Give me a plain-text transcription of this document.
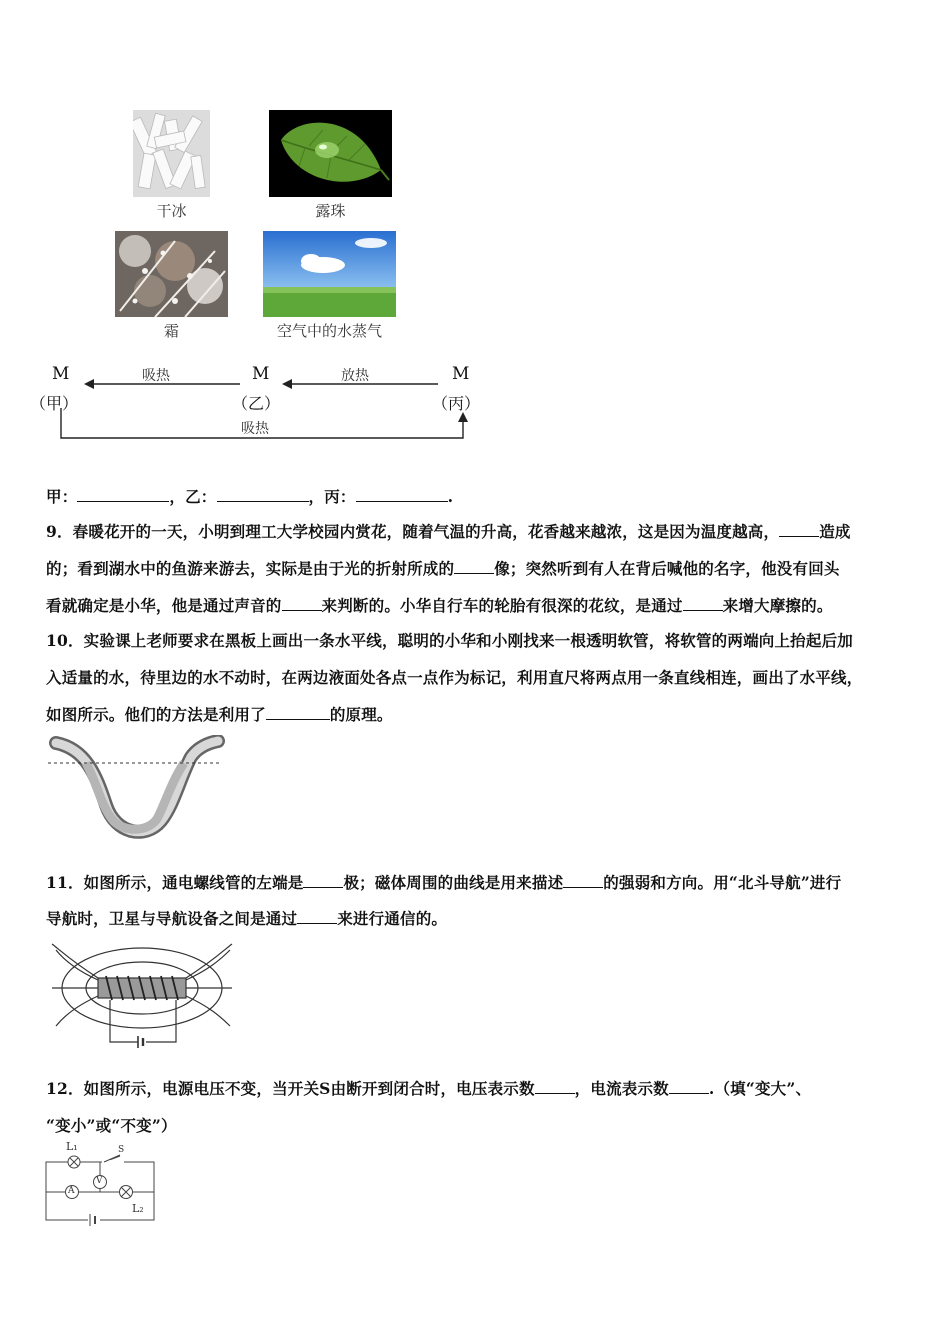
干冰	露珠
霜	空气中的水蒸气
M	M	M
（甲）	（乙）	（丙）
吸热	放热
吸热
甲：	，乙：	，丙：	.
9．春暖花开的一天，小明到理工大学校园内赏花，随着气温的升高，花香越来越浓，这是因为温度越高，	造成
的；看到湖水中的鱼游来游去，实际是由于光的折射所成的	像；突然听到有人在背后喊他的名字，他没有回头
看就确定是小华，他是通过声音的	来判断的。小华自行车的轮胎有很深的花纹，是通过	来增大摩擦的。
10．实验课上老师要求在黑板上画出一条水平线，聪明的小华和小刚找来一根透明软管，将软管的两端向上抬起后加
入适量的水，待里边的水不动时，在两边液面处各点一点作为标记，利用直尺将两点用一条直线相连，画出了水平线，
如图所示。他们的方法是利用了	的原理。
11．如图所示，通电螺线管的左端是	极；磁体周围的曲线是用来描述	的强弱和方向。用“北斗导航”进行
导航时，卫星与导航设备之间是通过	来进行通信的。
12．如图所示，电源电压不变，当开关S由断开到闭合时，电压表示数	，电流表示数	.（填“变大”、
“变小”或“不变”）
L₁	S
A
V
L₂
